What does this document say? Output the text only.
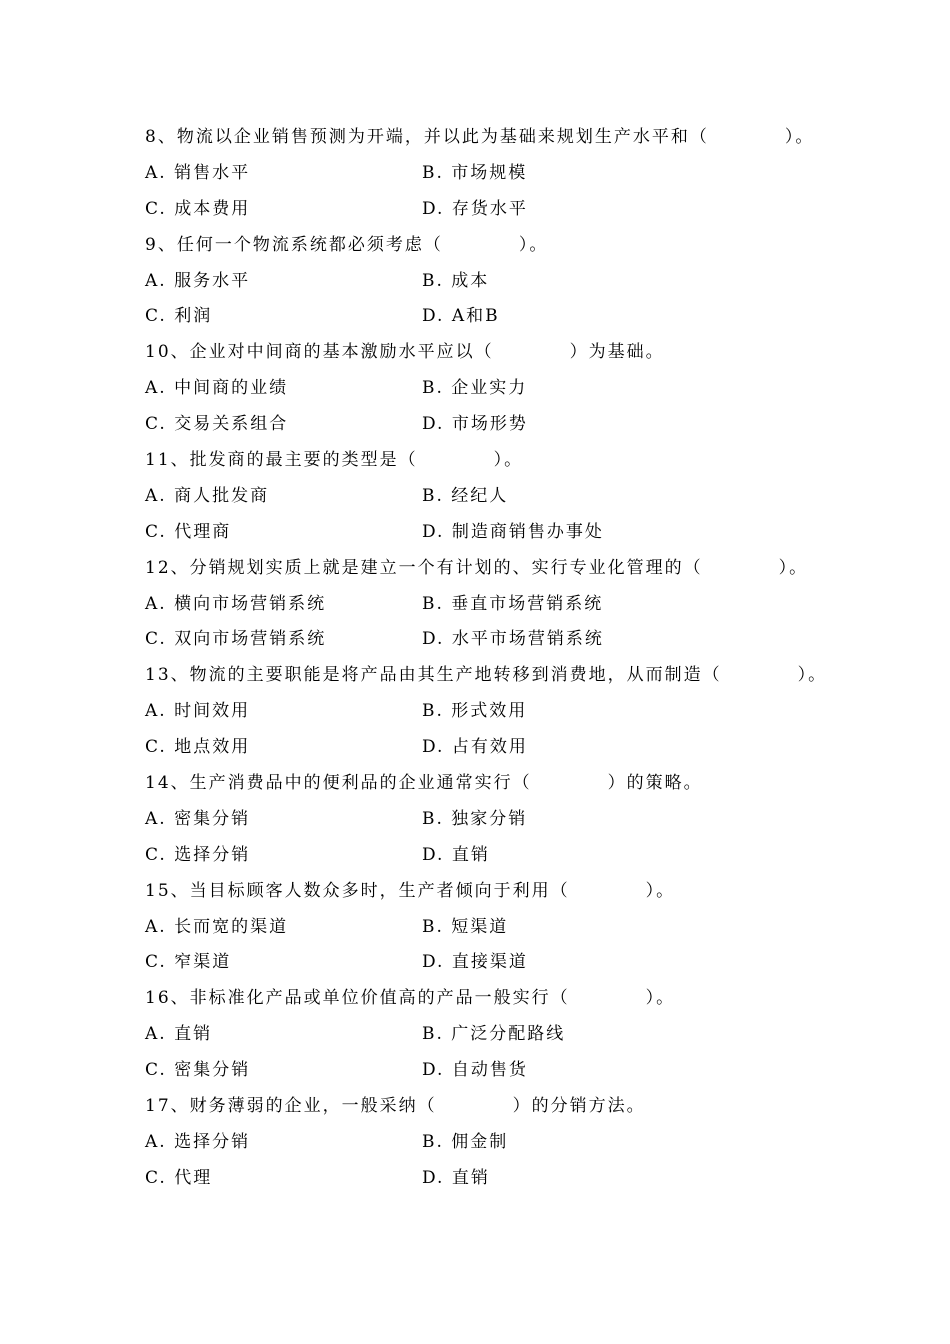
8、物流以企业销售预测为开端，并以此为基础来规划生产水平和（　　　　）。
A. 销售水平	B. 市场规模
C. 成本费用	D. 存货水平
9、任何一个物流系统都必须考虑（　　　　）。
A. 服务水平	B. 成本
C. 利润	D. A和B
10、企业对中间商的基本激励水平应以（　　　　）为基础。
A. 中间商的业绩	B. 企业实力
C. 交易关系组合	D. 市场形势
11、批发商的最主要的类型是（　　　　）。
A. 商人批发商	B. 经纪人
C. 代理商	D. 制造商销售办事处
12、分销规划实质上就是建立一个有计划的、实行专业化管理的（　　　　）。
A. 横向市场营销系统	B. 垂直市场营销系统
C. 双向市场营销系统	D. 水平市场营销系统
13、物流的主要职能是将产品由其生产地转移到消费地，从而制造（　　　　）。
A. 时间效用	B. 形式效用
C. 地点效用	D. 占有效用
14、生产消费品中的便利品的企业通常实行（　　　　）的策略。
A. 密集分销	B. 独家分销
C. 选择分销	D. 直销
15、当目标顾客人数众多时，生产者倾向于利用（　　　　）。
A. 长而宽的渠道	B. 短渠道
C. 窄渠道	D. 直接渠道
16、非标准化产品或单位价值高的产品一般实行（　　　　）。
A. 直销	B. 广泛分配路线
C. 密集分销	D. 自动售货
17、财务薄弱的企业，一般采纳（　　　　）的分销方法。
A. 选择分销	B. 佣金制
C. 代理	D. 直销
